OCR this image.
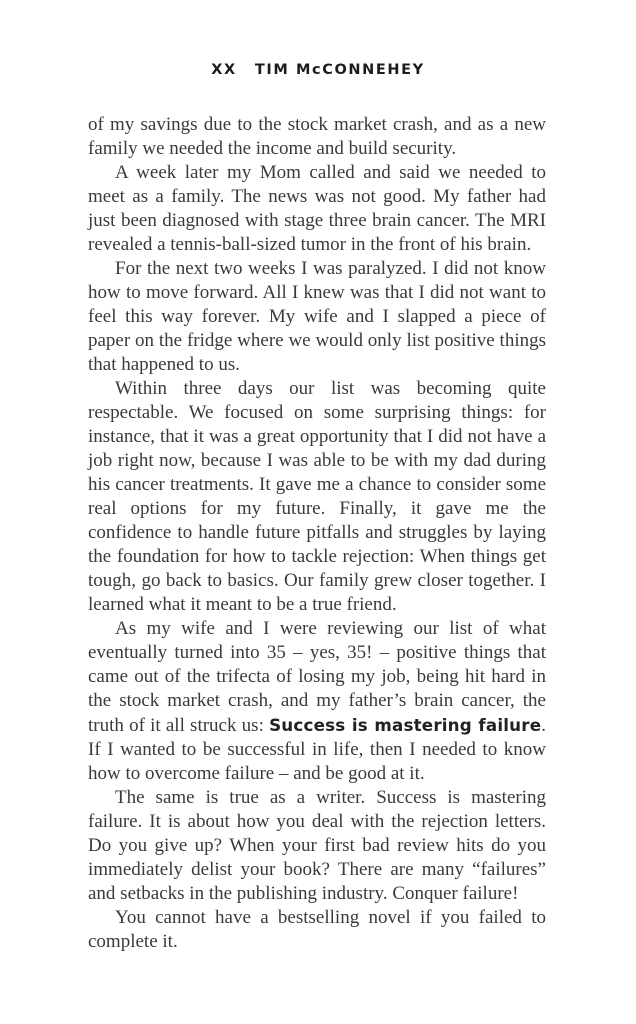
XX TIM McCONNEHEY

of my savings due to the stock market crash, and as a new family we needed the income and build security.

A week later my Mom called and said we needed to meet as a family. The news was not good. My father had just been diagnosed with stage three brain cancer. The MRI revealed a tennis-ball-sized tumor in the front of his brain.

For the next two weeks I was paralyzed. I did not know how to move forward. All I knew was that I did not want to feel this way forever. My wife and I slapped a piece of paper on the fridge where we would only list positive things that happened to us.

Within three days our list was becoming quite respectable. We focused on some surprising things: for instance, that it was a great opportunity that I did not have a job right now, because I was able to be with my dad during his cancer treatments. It gave me a chance to consider some real options for my future. Finally, it gave me the confidence to handle future pitfalls and struggles by laying the foundation for how to tackle rejection: When things get tough, go back to basics. Our family grew closer together. I learned what it meant to be a true friend.

As my wife and I were reviewing our list of what eventually turned into 35 – yes, 35! – positive things that came out of the trifecta of losing my job, being hit hard in the stock market crash, and my father’s brain cancer, the truth of it all struck us: Success is mastering failure. If I wanted to be successful in life, then I needed to know how to overcome failure – and be good at it.

The same is true as a writer. Success is mastering failure. It is about how you deal with the rejection letters. Do you give up? When your first bad review hits do you immediately delist your book? There are many “failures” and setbacks in the publishing industry. Conquer failure!

You cannot have a bestselling novel if you failed to complete it.
